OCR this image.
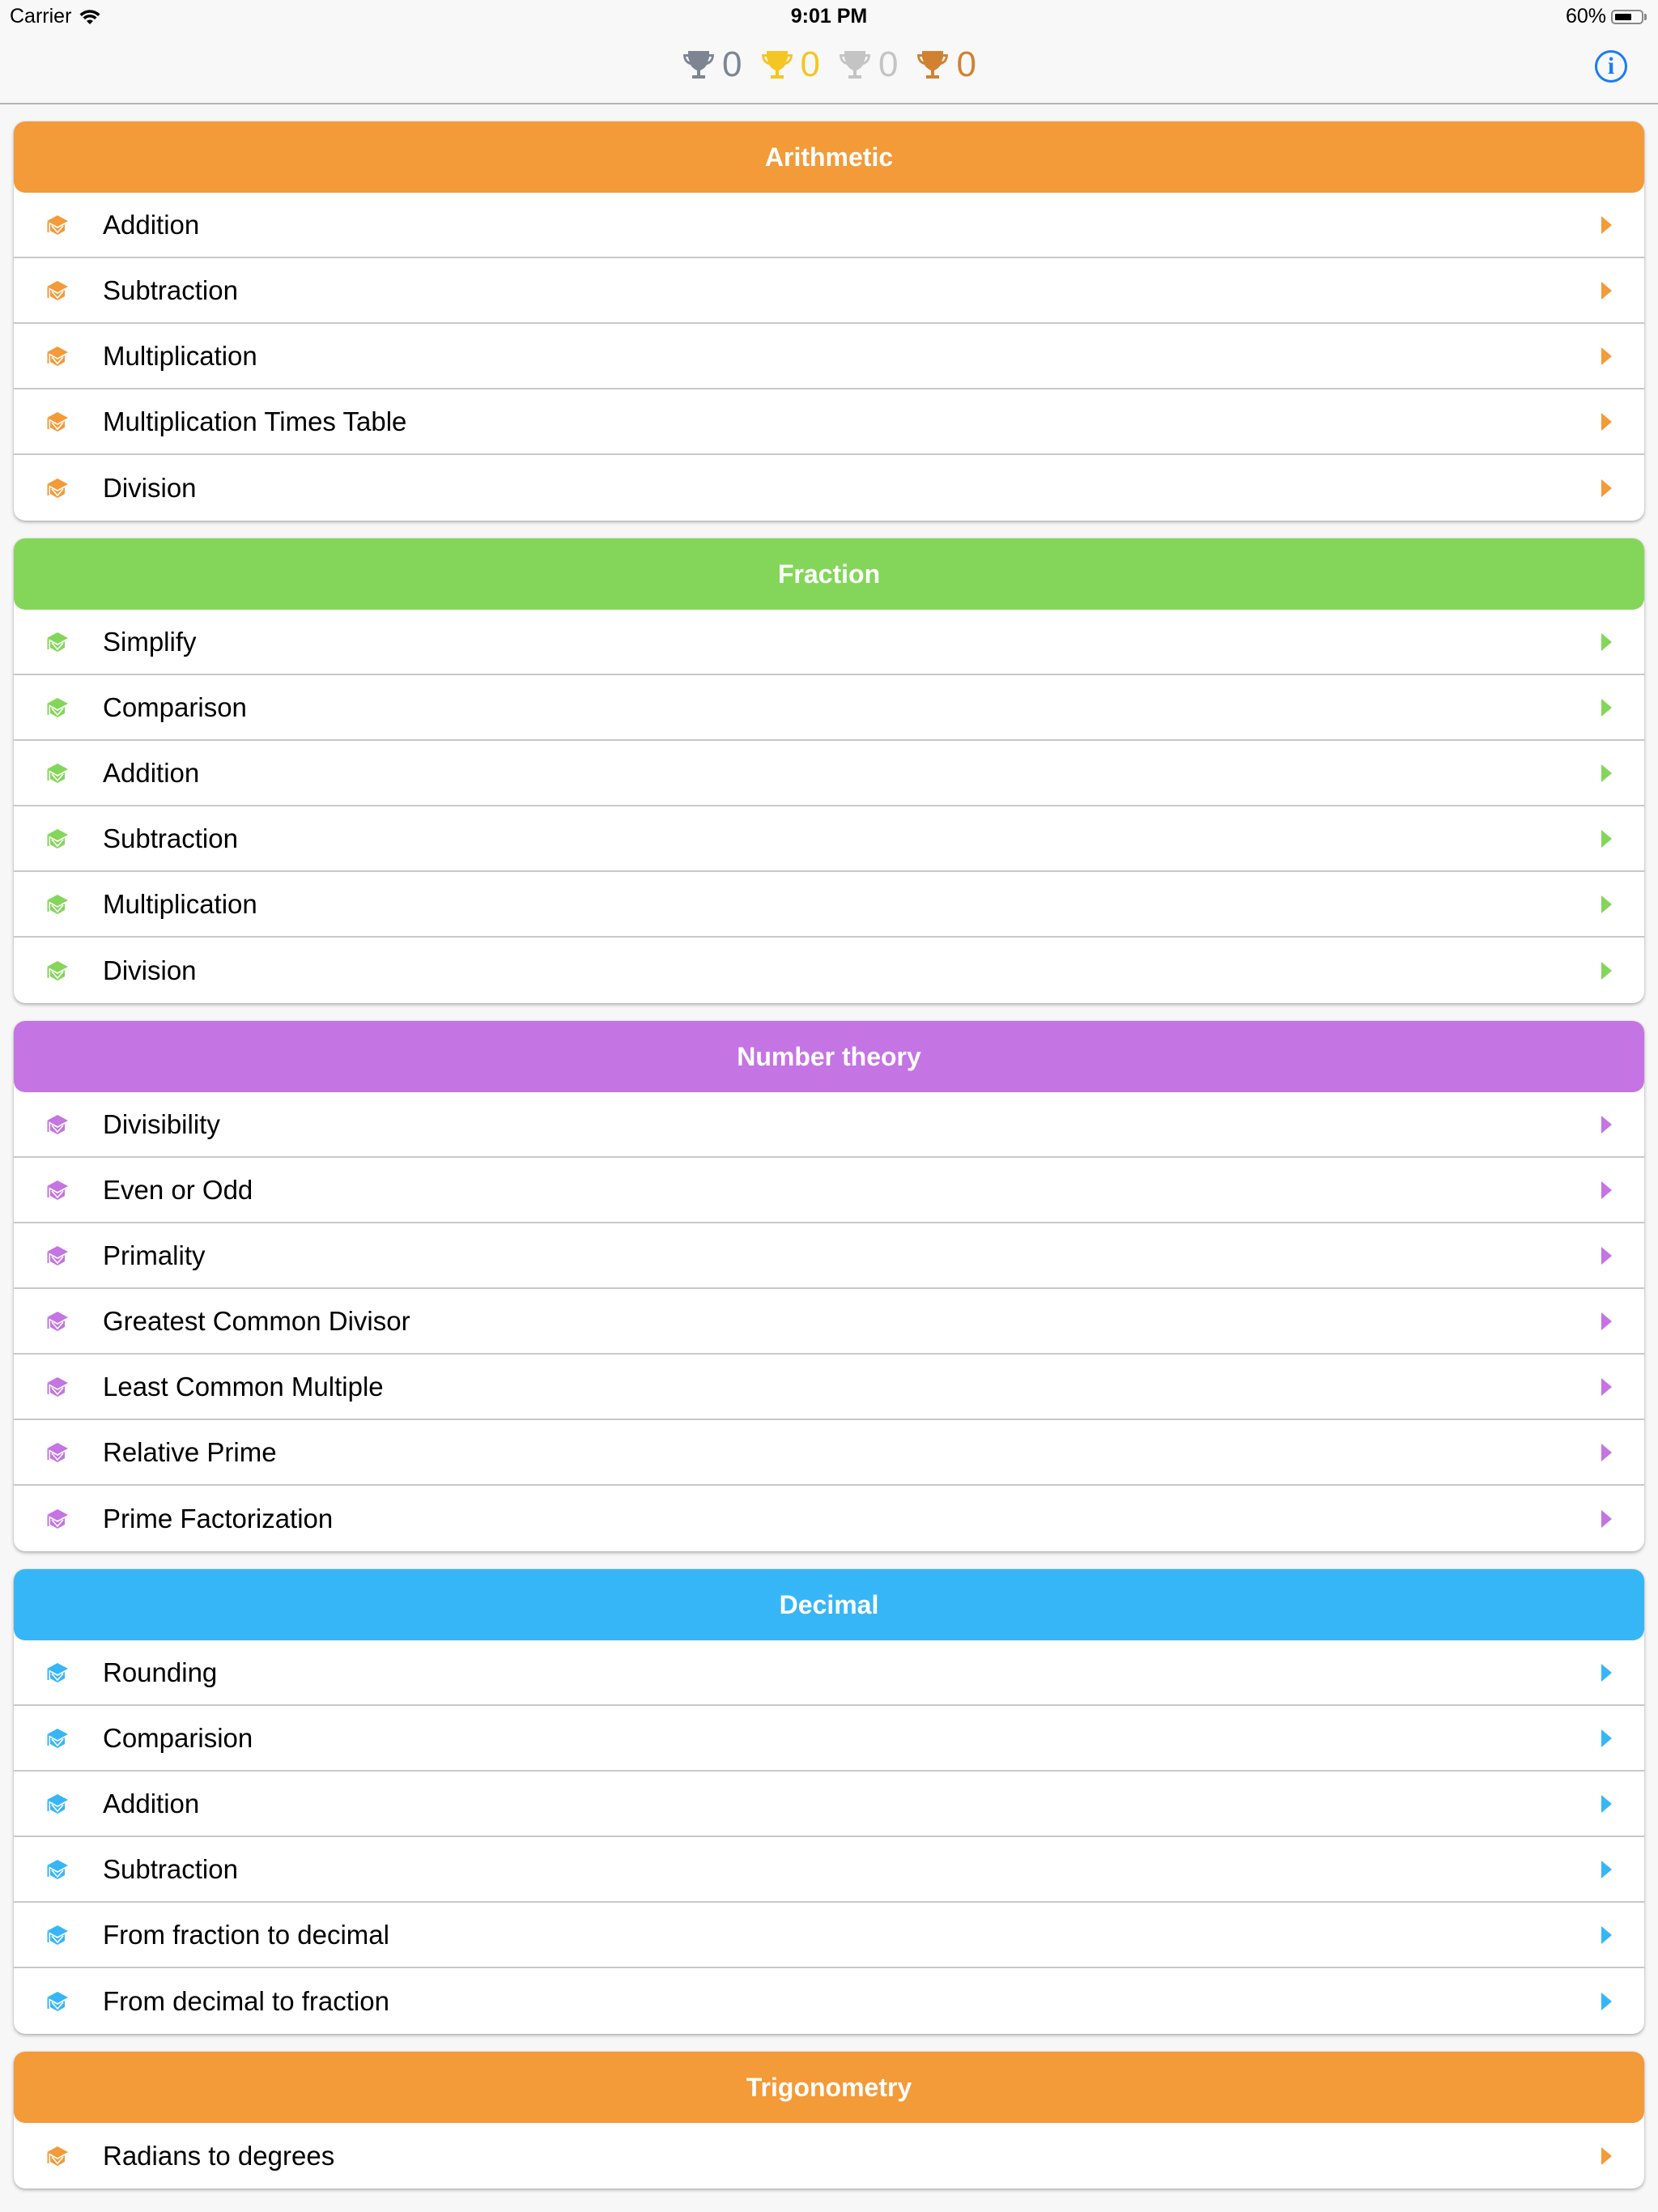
Carrier	9:01 PM	60%
0 0 0 0	i
Arithmetic
Addition
Subtraction
Multiplication
Multiplication Times Table
Division
Fraction
Simplify
Comparison
Addition
Subtraction
Multiplication
Division
Number theory
Divisibility
Even or Odd
Primality
Greatest Common Divisor
Least Common Multiple
Relative Prime
Prime Factorization
Decimal
Rounding
Comparision
Addition
Subtraction
From fraction to decimal
From decimal to fraction
Trigonometry
Radians to degrees
